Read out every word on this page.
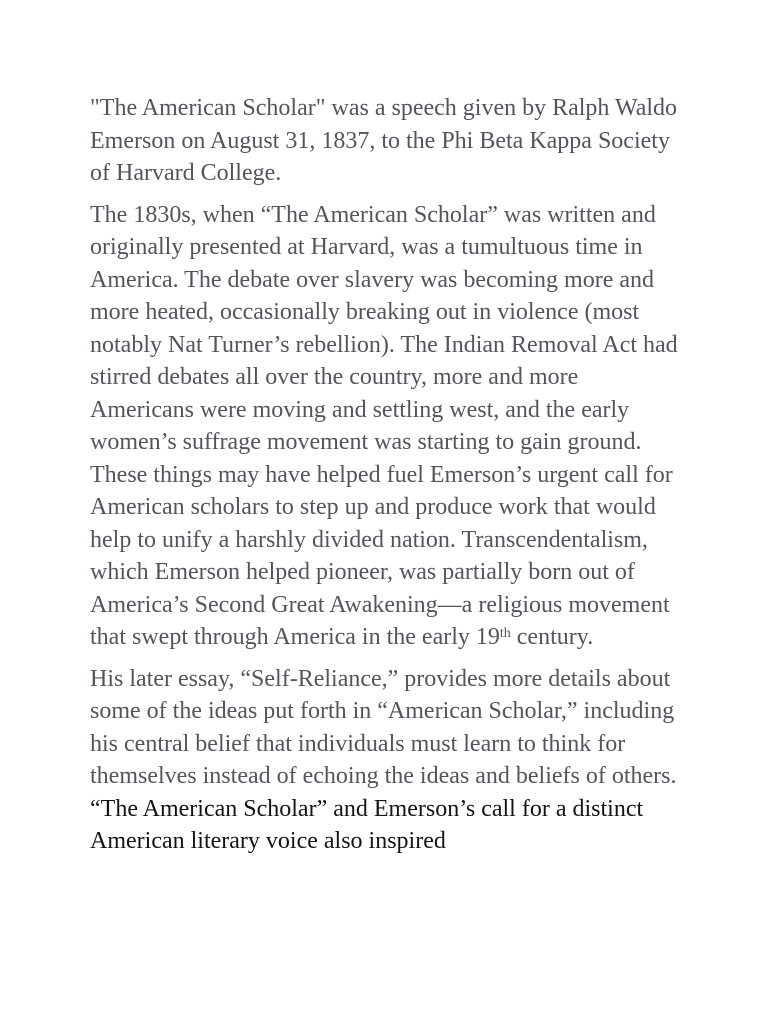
"The American Scholar" was a speech given by Ralph Waldo Emerson on August 31, 1837, to the Phi Beta Kappa Society of Harvard College.

The 1830s, when “The American Scholar” was written and originally presented at Harvard, was a tumultuous time in America. The debate over slavery was becoming more and more heated, occasionally breaking out in violence (most notably Nat Turner’s rebellion). The Indian Removal Act had stirred debates all over the country, more and more Americans were moving and settling west, and the early women’s suffrage movement was starting to gain ground. These things may have helped fuel Emerson’s urgent call for American scholars to step up and produce work that would help to unify a harshly divided nation. Transcendentalism, which Emerson helped pioneer, was partially born out of America’s Second Great Awakening—a religious movement that swept through America in the early 19th century.

His later essay, “Self-Reliance,” provides more details about some of the ideas put forth in “American Scholar,” including his central belief that individuals must learn to think for themselves instead of echoing the ideas and beliefs of others.  “The American Scholar” and Emerson’s call for a distinct American literary voice also inspired
